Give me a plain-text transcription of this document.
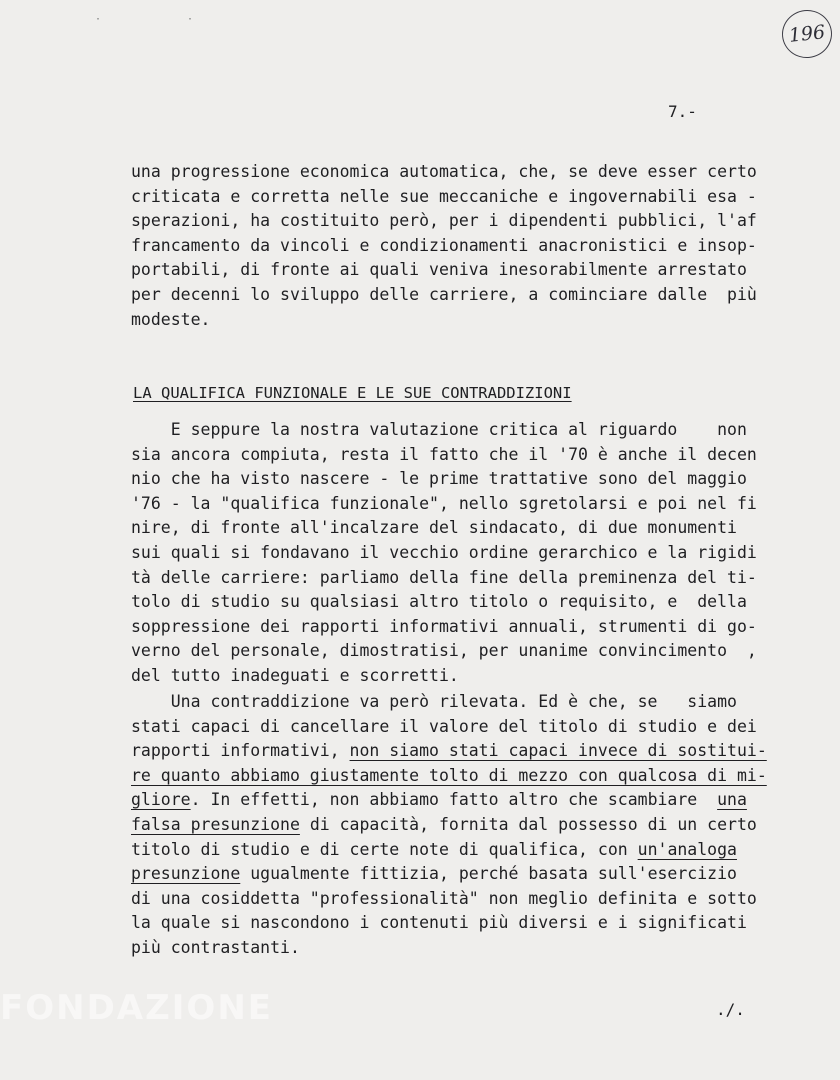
· ·
196
7.-
una progressione economica automatica, che, se deve esser certo
criticata e corretta nelle sue meccaniche e ingovernabili esa -
sperazioni, ha costituito però, per i dipendenti pubblici, l'af
francamento da vincoli e condizionamenti anacronistici e insop-
portabili, di fronte ai quali veniva inesorabilmente arrestato
per decenni lo sviluppo delle carriere, a cominciare dalle  più
modeste.
LA QUALIFICA FUNZIONALE E LE SUE CONTRADDIZIONI
E seppure la nostra valutazione critica al riguardo    non
sia ancora compiuta, resta il fatto che il '70 è anche il decen
nio che ha visto nascere - le prime trattative sono del maggio
'76 - la "qualifica funzionale", nello sgretolarsi e poi nel fi
nire, di fronte all'incalzare del sindacato, di due monumenti
sui quali si fondavano il vecchio ordine gerarchico e la rigidi
tà delle carriere: parliamo della fine della preminenza del ti-
tolo di studio su qualsiasi altro titolo o requisito, e  della
soppressione dei rapporti informativi annuali, strumenti di go-
verno del personale, dimostratisi, per unanime convincimento  ,
del tutto inadeguati e scorretti.
Una contraddizione va però rilevata. Ed è che, se   siamo
stati capaci di cancellare il valore del titolo di studio e dei
rapporti informativi, non siamo stati capaci invece di sostitui-
re quanto abbiamo giustamente tolto di mezzo con qualcosa di mi-
gliore. In effetti, non abbiamo fatto altro che scambiare  una
falsa presunzione di capacità, fornita dal possesso di un certo
titolo di studio e di certe note di qualifica, con un'analoga
presunzione ugualmente fittizia, perché basata sull'esercizio
di una cosiddetta "professionalità" non meglio definita e sotto
la quale si nascondono i contenuti più diversi e i significati
più contrastanti.
./.
FONDAZIONE
